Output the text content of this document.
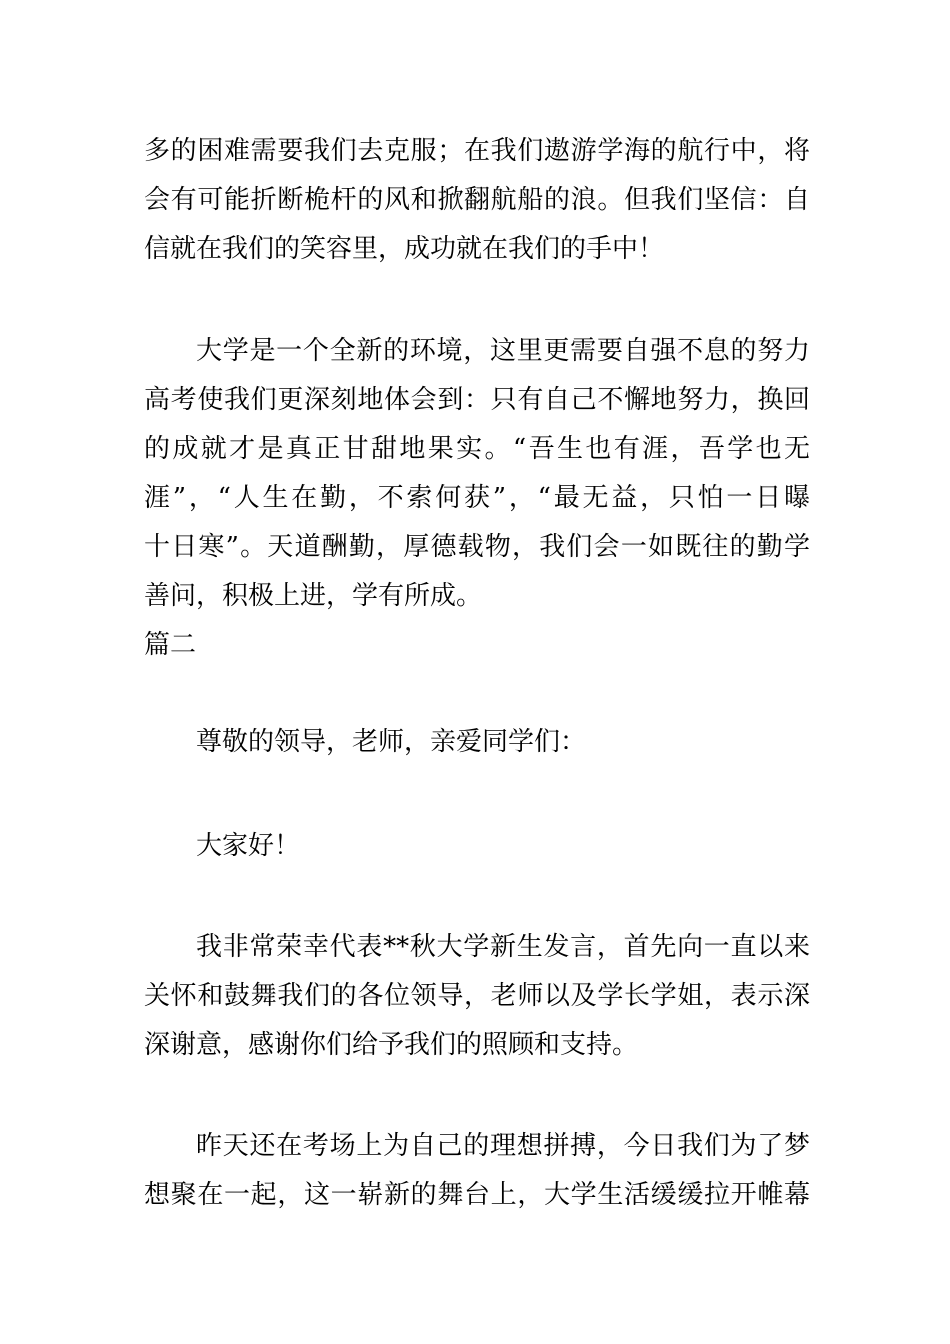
多的困难需要我们去克服；在我们遨游学海的航行中，将
会有可能折断桅杆的风和掀翻航船的浪。但我们坚信：自
信就在我们的笑容里，成功就在我们的手中！
大学是一个全新的环境，这里更需要自强不息的努力
高考使我们更深刻地体会到：只有自己不懈地努力，换回
的成就才是真正甘甜地果实。“吾生也有涯，吾学也无
涯”，“人生在勤，不索何获”，“最无益，只怕一日曝
十日寒”。天道酬勤，厚德载物，我们会一如既往的勤学
善问，积极上进，学有所成。
篇二
尊敬的领导，老师，亲爱同学们：
大家好！
我非常荣幸代表**秋大学新生发言，首先向一直以来
关怀和鼓舞我们的各位领导，老师以及学长学姐，表示深
深谢意，感谢你们给予我们的照顾和支持。
昨天还在考场上为自己的理想拼搏，今日我们为了梦
想聚在一起，这一崭新的舞台上，大学生活缓缓拉开帷幕
